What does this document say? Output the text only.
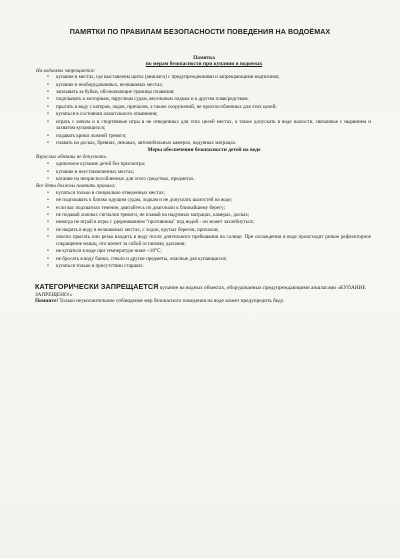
ПАМЯТКИ ПО ПРАВИЛАМ БЕЗОПАСНОСТИ ПОВЕДЕНИЯ НА ВОДОЁМАХ
Памятка
по мерам безопасности при купании в водоемах
На водоемах запрещается:
• купание в местах, где выставлены щиты (аншлаги) с предупреждениями и запрещающими надписями;
• купание в необорудованных, незнакомых местах;
• заплывать за буйки, обозначающие границы плавания;
• подплывать к моторным, парусным судам, весельным лодкам и к другим плавсредствам;
• прыгать в воду с катеров, лодок, причалов, а также сооружений, не приспособленных для этих целей;
• купаться в состоянии алкогольного опьянения;
• играть с мячом и в спортивные игры в не отведенных для этих целей местах, а также допускать в воде шалости, связанные с нырянием и захватом купающихся;
• подавать крики ложной тревоги;
• плавать на досках, бревнах, лежаках, автомобильных камерах, надувных матрацах.
Меры обеспечения безопасности детей на воде
Взрослые обязаны не допускать:
• одиночное купание детей без присмотра;
• купание в неустановленных местах;
• катание на неприспособленных для этого средствах, предметах.
Все дети должны помнить правила:
• купаться только в специально отведенных местах;
• не подплывать к близко идущим судам, лодкам и не допускать шалостей на воде;
• если вас подхватило течение, двигайтесь по диагонали к ближайшему берегу;
• не подавай ложных сигналов тревоги, не плавай на надувных матрацах, камерах, досках;
• никогда не играй в игры с удерживанием "противника" под водой - он может захлебнуться;
• не нырять в воду в незнакомых местах, с лодок, крутых берегов, причалов;
• опасно прыгать или резко входить в воду после длительного пребывания на солнце. При охлаждении в воде происходит резкое рефлекторное сокращение мышц, что влечет за собой остановку дыхания;
• не купаться в воде при температуре ниже +18°С;
• не бросать в воду банки, стекло и другие предметы, опасные для купающихся;
• купаться только в присутствии старших.
КАТЕГОРИЧЕСКИ ЗАПРЕЩАЕТСЯ купание на водных объектах, оборудованных предупреждающими аншлагами «КУПАНИЕ ЗАПРЕЩЕНО!»
Помните! Только неукоснительное соблюдение мер безопасного поведения на воде может предупредить беду.
